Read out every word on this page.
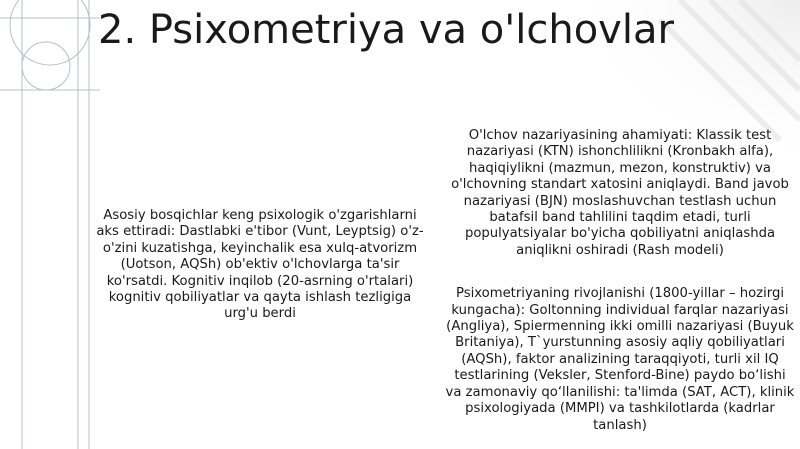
2. Psixometriya va o'lchovlar

Asosiy bosqichlar keng psixologik o'zgarishlarni aks ettiradi: Dastlabki e'tibor (Vunt, Leyptsig) o'z-o'zini kuzatishga, keyinchalik esa xulq-atvorizm (Uotson, AQSh) ob'ektiv o'lchovlarga ta'sir ko'rsatdi. Kognitiv inqilob (20-asrning o'rtalari) kognitiv qobiliyatlar va qayta ishlash tezligiga urg'u berdi

O'lchov nazariyasining ahamiyati: Klassik test nazariyasi (KTN) ishonchlilikni (Kronbakh alfa), haqiqiylikni (mazmun, mezon, konstruktiv) va o'lchovning standart xatosini aniqlaydi. Band javob nazariyasi (BJN) moslashuvchan testlash uchun batafsil band tahlilini taqdim etadi, turli populyatsiyalar bo'yicha qobiliyatni aniqlashda aniqlikni oshiradi (Rash modeli)

Psixometriyaning rivojlanishi (1800-yillar – hozirgi kungacha): Goltonning individual farqlar nazariyasi (Angliya), Spiermenning ikki omilli nazariyasi (Buyuk Britaniya), T`yurstunning asosiy aqliy qobiliyatlari (AQSh), faktor analizining taraqqiyoti, turli xil IQ testlarining (Veksler, Stenford-Bine) paydo bo‘lishi va zamonaviy qo‘llanilishi: ta'limda (SAT, ACT), klinik psixologiyada (MMPI) va tashkilotlarda (kadrlar tanlash)
